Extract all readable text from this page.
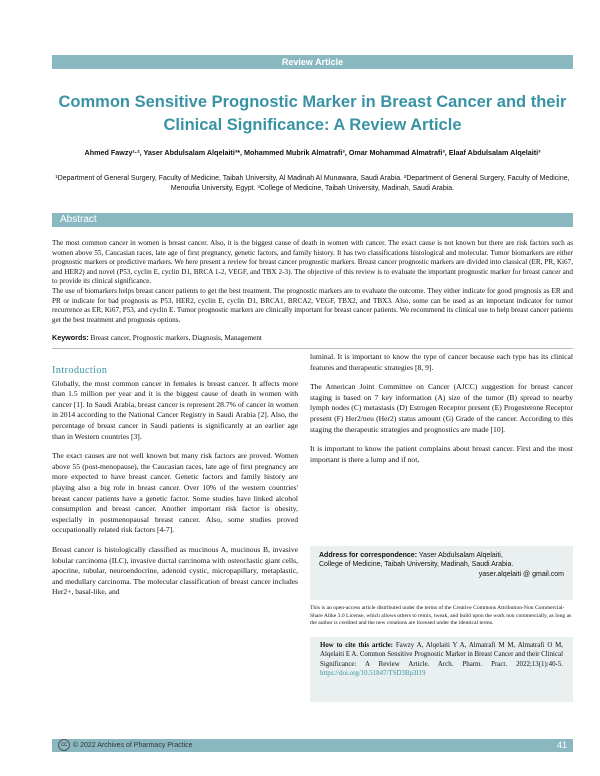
Review Article
Common Sensitive Prognostic Marker in Breast Cancer and their Clinical Significance: A Review Article
Ahmed Fawzy¹·², Yaser Abdulsalam Alqelaiti³*, Mohammed Mubrik Almatrafi³, Omar Mohammad Almatrafi³, Elaaf Abdulsalam Alqelaiti³
¹Department of General Surgery, Faculty of Medicine, Taibah University, Al Madinah Al Munawara, Saudi Arabia. ²Department of General Surgery, Faculty of Medicine, Menoufia University, Egypt. ³College of Medicine, Taibah University, Madinah, Saudi Arabia.
Abstract

The most common cancer in women is breast cancer. Also, it is the biggest cause of death in women with cancer. The exact cause is not known but there are risk factors such as women above 55, Caucasian races, late age of first pregnancy, genetic factors, and family history. It has two classifications histological and molecular. Tumor biomarkers are either prognostic markers or predictive markers. We here present a review for breast cancer prognostic markers. Breast cancer prognostic markers are divided into classical (ER, PR, Ki67, and HER2) and novel (P53, cyclin E, cyclin D1, BRCA 1-2, VEGF, and TBX 2-3). The objective of this review is to evaluate the important prognostic marker for breast cancer and to provide its clinical significance.

The use of biomarkers helps breast cancer patients to get the best treatment. The prognostic markers are to evaluate the outcome. They either indicate for good prognosis as ER and PR or indicate for bad prognosis as P53, HER2, cyclin E, cyclin D1, BRCA1, BRCA2, VEGF, TBX2, and TBX3. Also, some can be used as an important indicator for tumor recurrence as ER, Ki67, P53, and cyclin E. Tumor prognostic markers are clinically important for breast cancer patients. We recommend its clinical use to help breast cancer patients get the best treatment and prognosis options.

Keywords: Breast cancer, Prognostic markers, Diagnosis, Management
Introduction

Globally, the most common cancer in females is breast cancer. It affects more than 1.5 million per year and it is the biggest cause of death in women with cancer [1]. In Saudi Arabia, breast cancer is represent 28.7% of cancer in women in 2014 according to the National Cancer Registry in Saudi Arabia [2]. Also, the percentage of breast cancer in Saudi patients is significantly at an earlier age than in Western countries [3].

The exact causes are not well known but many risk factors are proved. Women above 55 (post-menopause), the Caucasian races, late age of first pregnancy are more expected to have breast cancer. Genetic factors and family history are playing also a big role in breast cancer. Over 10% of the western countries' breast cancer patients have a genetic factor. Some studies have linked alcohol consumption and breast cancer. Another important risk factor is obesity, especially in postmenopausal breast cancer. Also, some studies proved occupationally related risk factors [4-7].

Breast cancer is histologically classified as mucinous A, mucinous B, invasive lobular carcinoma (ILC), invasive ductal carcinoma with osteoclastic giant cells, apocrine, tubular, neuroendocrine, adenoid cystic, micropapillary, metaplastic, and medullary carcinoma. The molecular classification of breast cancer includes Her2+, basal-like, and

luminal. It is important to know the type of cancer because each type has its clinical features and therapeutic strategies [8, 9].

The American Joint Committee on Cancer (AJCC) suggestion for breast cancer staging is based on 7 key information (A) size of the tumor (B) spread to nearby lymph nodes (C) metastasis (D) Estrogen Receptor present (E) Progesterone Receptor present (F) Her2/neu (Her2) status amount (G) Grade of the cancer. According to this staging the therapeutic strategies and prognostics are made [10].

It is important to know the patient complains about breast cancer. First and the most important is there a lump and if not,

Address for correspondence: Yaser Abdulsalam Alqelaiti,
College of Medicine, Taibah University, Madinah, Saudi Arabia.
yaser.alqelaiti @ gmail.com
This is an open-access article distributed under the terms of the Creative Commons Attribution-Non Commercial-Share Alike 3.0 License, which allows others to remix, tweak, and build upon the work non commercially, as long as the author is credited and the new creations are licensed under the identical terms.
How to cite this article: Fawzy A, Alqelaiti Y A, Almatrafi M M, Almatrafi O M, Alqelaiti E A. Common Sensitive Prognostic Marker in Breast Cancer and their Clinical Significance: A Review Article. Arch. Pharm. Pract. 2022;13(1):40-5. https://doi.org/10.51847/TSD3Bp3I19
cc © 2022 Archives of Pharmacy Practice	41
